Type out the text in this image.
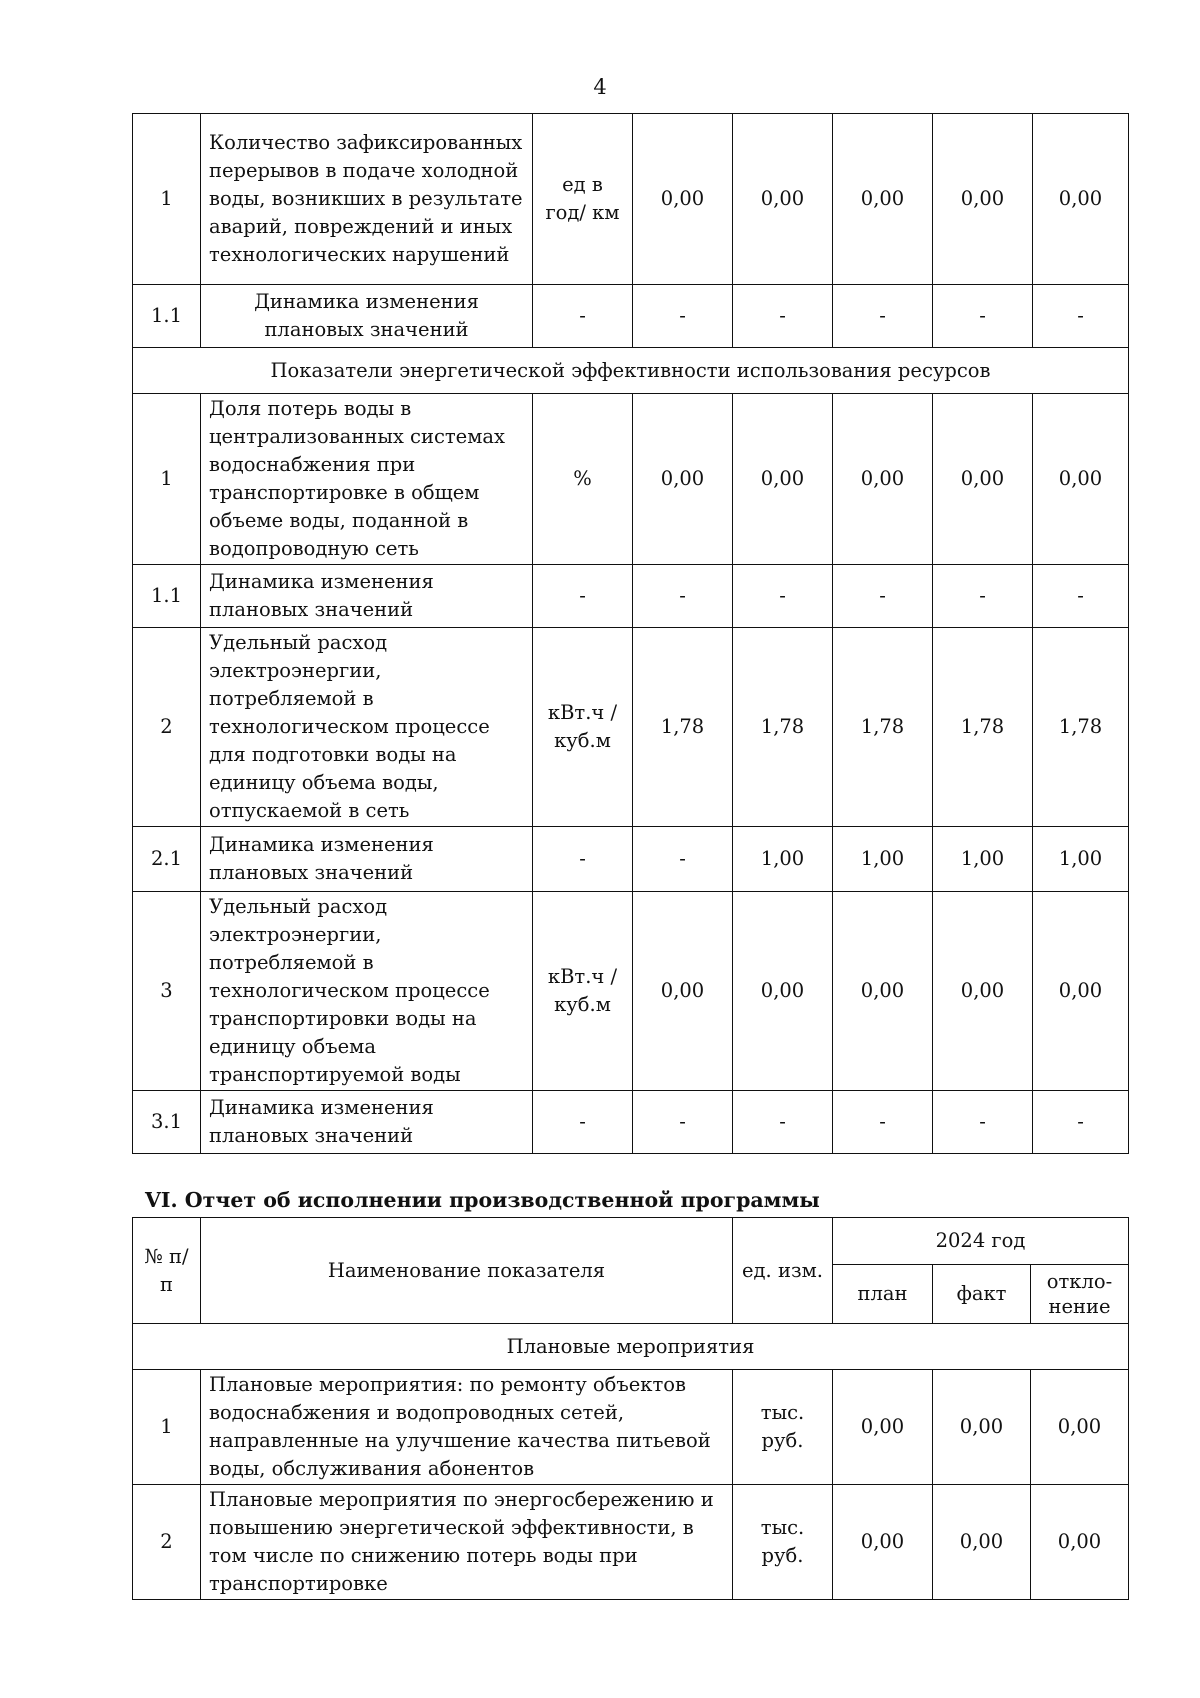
4
1	Количество зафиксированных перерывов в подаче холодной воды, возникших в результате аварий, повреждений и иных технологических нарушений	ед в год/ км	0,00	0,00	0,00	0,00	0,00
1.1	Динамика изменения плановых значений	-	-	-	-	-	-
Показатели энергетической эффективности использования ресурсов							
1	Доля потерь воды в централизованных системах водоснабжения при транспортировке в общем объеме воды, поданной в водопроводную сеть	%	0,00	0,00	0,00	0,00	0,00
1.1	Динамика изменения плановых значений	-	-	-	-	-	-
2	Удельный расход электроэнергии, потребляемой в технологическом процессе для подготовки воды на единицу объема воды, отпускаемой в сеть	кВт.ч / куб.м	1,78	1,78	1,78	1,78	1,78
2.1	Динамика изменения плановых значений	-	-	1,00	1,00	1,00	1,00
3	Удельный расход электроэнергии, потребляемой в технологическом процессе транспортировки воды на единицу объема транспортируемой воды	кВт.ч / куб.м	0,00	0,00	0,00	0,00	0,00
3.1	Динамика изменения плановых значений	-	-	-	-	-	-
VI. Отчет об исполнении производственной программы
№ п/п	Наименование показателя	ед. изм.	2024 год		
			план	факт	откло-нение
Плановые мероприятия					
1	Плановые мероприятия: по ремонту объектов водоснабжения и водопроводных сетей, направленные на улучшение качества питьевой воды, обслуживания абонентов	тыс. руб.	0,00	0,00	0,00
2	Плановые мероприятия по энергосбережению и повышению энергетической эффективности, в том числе по снижению потерь воды при транспортировке	тыс. руб.	0,00	0,00	0,00
